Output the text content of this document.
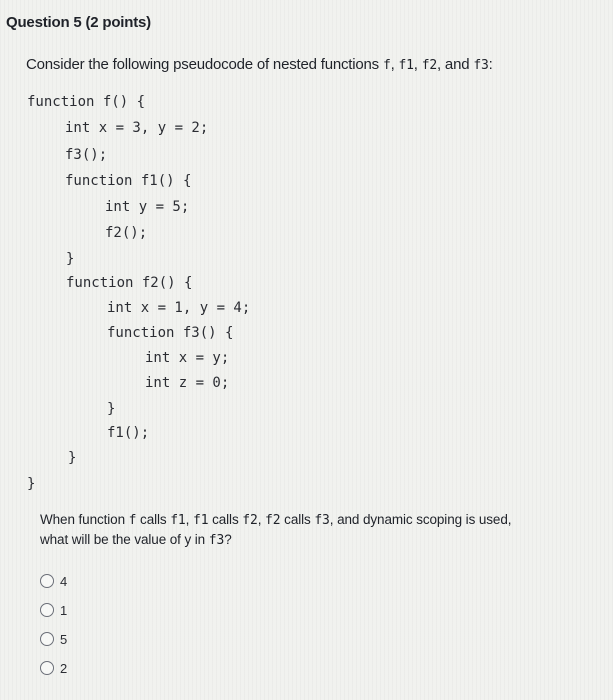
Question 5 (2 points)
Consider the following pseudocode of nested functions f, f1, f2, and f3:

function f() {

int x = 3, y = 2;

f3();

function f1() {

int y = 5;

f2();

}

function f2() {

int x = 1, y = 4;

function f3() {

int x = y;

int z = 0;

}

f1();

}

}

When function f calls f1, f1 calls f2, f2 calls f3, and dynamic scoping is used,
what will be the value of y in f3?
4
1
5
2
